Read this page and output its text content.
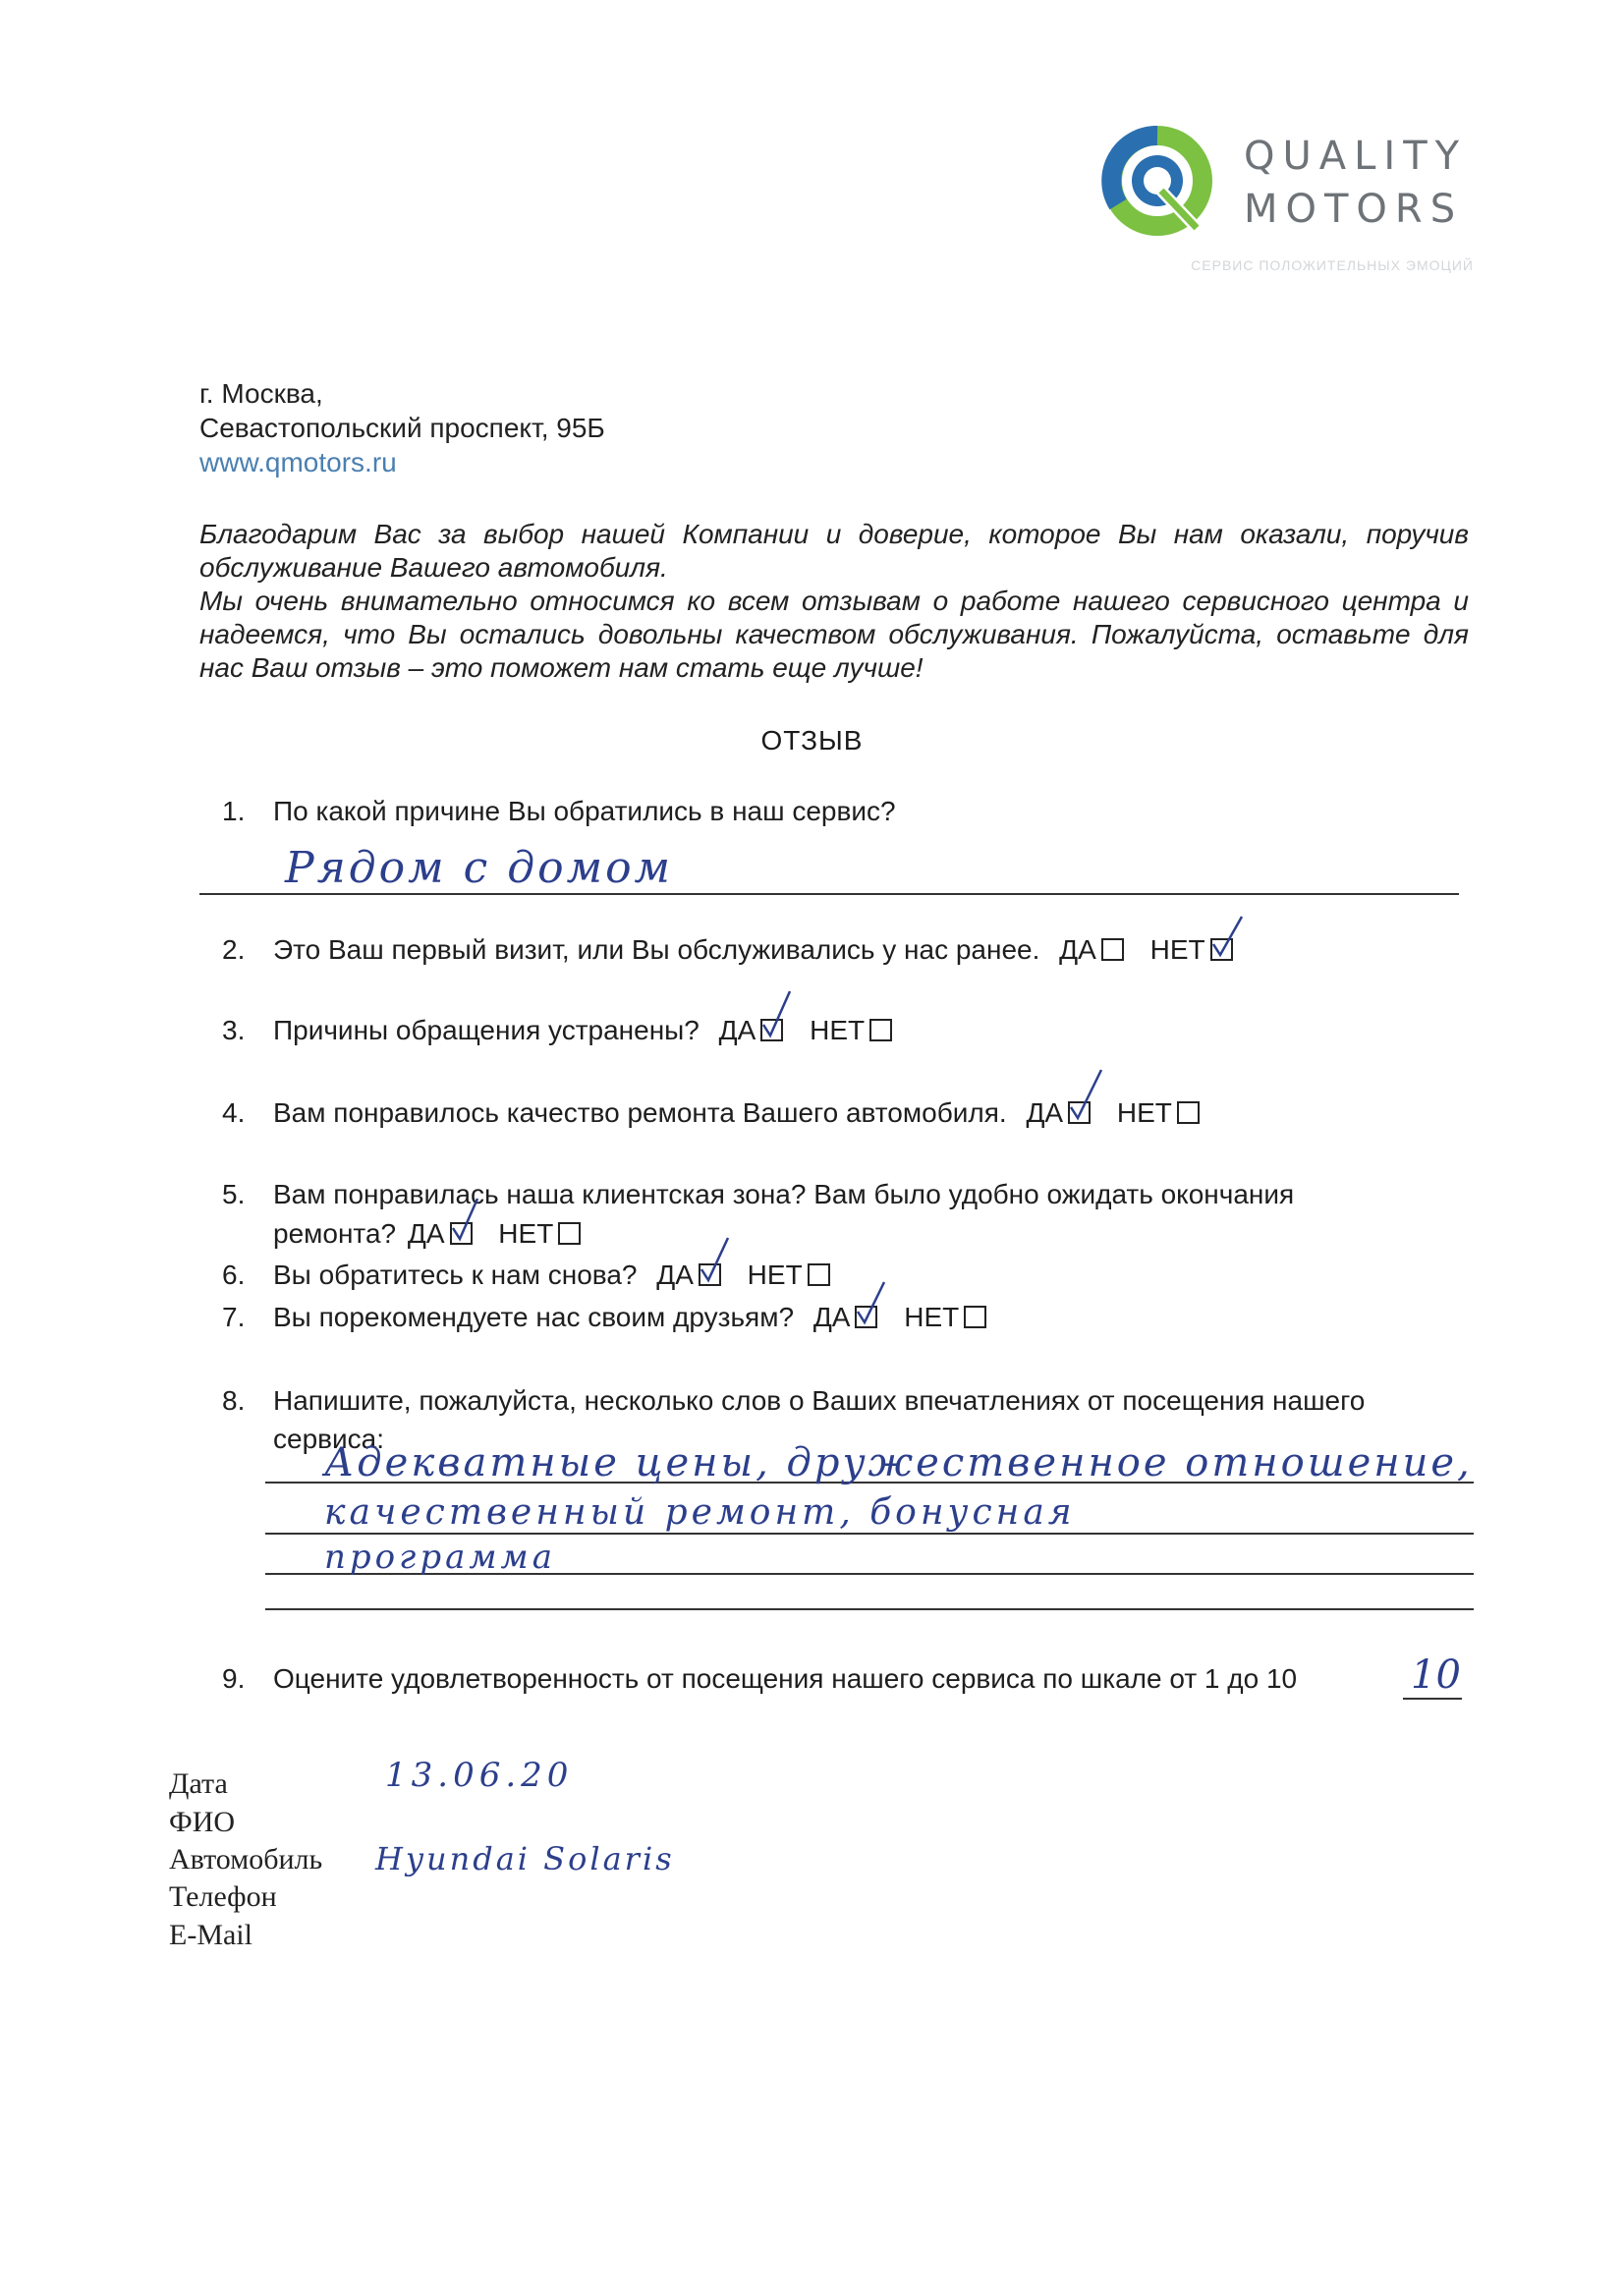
QUALITY
MOTORS
СЕРВИС ПОЛОЖИТЕЛЬНЫХ ЭМОЦИЙ
г. Москва,
Севастопольский проспект, 95Б
www.qmotors.ru

Благодарим Вас за выбор нашей Компании и доверие, которое Вы нам оказали, поручив обслуживание Вашего автомобиля.

Мы очень внимательно относимся ко всем отзывам о работе нашего сервисного центра и надеемся, что Вы остались довольны качеством обслуживания. Пожалуйста, оставьте для нас Ваш отзыв – это поможет нам стать еще лучше!

ОТЗЫВ
1. По какой причине Вы обратились в наш сервис?
Рядом с домом
2. Это Ваш первый визит, или Вы обслуживались у нас ранее. ДА НЕТ
3. Причины обращения устранены? ДА НЕТ
4. Вам понравилось качество ремонта Вашего автомобиля. ДА НЕТ
5. Вам понравилась наша клиентская зона? Вам было удобно ожидать окончания
ремонта? ДА НЕТ
6. Вы обратитесь к нам снова? ДА НЕТ
7. Вы порекомендуете нас своим друзьям? ДА НЕТ
8. Напишите, пожалуйста, несколько слов о Ваших впечатлениях от посещения нашего
сервиса:
Адекватные цены, дружественное отношение,
качественный ремонт, бонусная
программа
9. Оцените удовлетворенность от посещения нашего сервиса по шкале от 1 до 10	10
Дата	13.06.20
ФИО
Автомобиль Hyundai Solaris
Телефон
E-Mail
